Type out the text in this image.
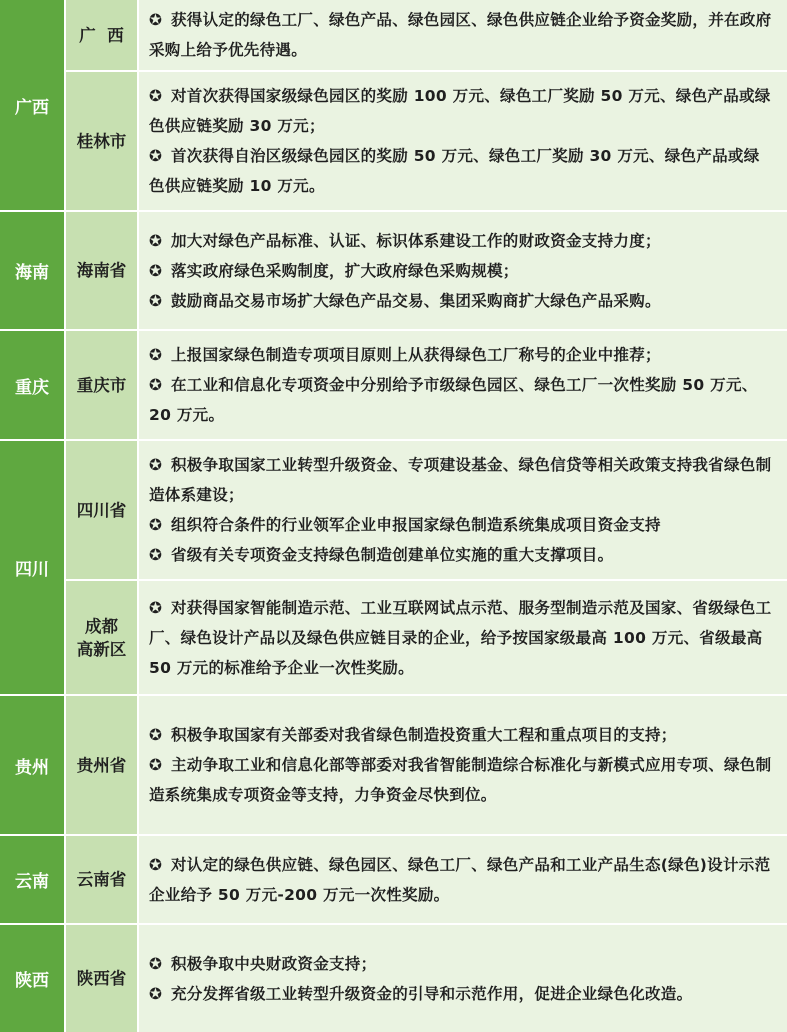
广西
广  西
✪ 获得认定的绿色工厂、绿色产品、绿色园区、绿色供应链企业给予资金奖励，并在政府采购上给予优先待遇。
桂林市
✪ 对首次获得国家级绿色园区的奖励 100 万元、绿色工厂奖励 50 万元、绿色产品或绿色供应链奖励 30 万元；
✪ 首次获得自治区级绿色园区的奖励 50 万元、绿色工厂奖励 30 万元、绿色产品或绿色供应链奖励 10 万元。
海南 海南省
✪ 加大对绿色产品标准、认证、标识体系建设工作的财政资金支持力度；
✪ 落实政府绿色采购制度，扩大政府绿色采购规模；
✪ 鼓励商品交易市场扩大绿色产品交易、集团采购商扩大绿色产品采购。
重庆 重庆市
✪ 上报国家绿色制造专项项目原则上从获得绿色工厂称号的企业中推荐；
✪ 在工业和信息化专项资金中分别给予市级绿色园区、绿色工厂一次性奖励 50 万元、20 万元。
四川
四川省
✪ 积极争取国家工业转型升级资金、专项建设基金、绿色信贷等相关政策支持我省绿色制造体系建设；
✪ 组织符合条件的行业领军企业申报国家绿色制造系统集成项目资金支持
✪ 省级有关专项资金支持绿色制造创建单位实施的重大支撑项目。
成都
高新区
✪ 对获得国家智能制造示范、工业互联网试点示范、服务型制造示范及国家、省级绿色工厂、绿色设计产品以及绿色供应链目录的企业，给予按国家级最高 100 万元、省级最高 50 万元的标准给予企业一次性奖励。
贵州 贵州省
✪ 积极争取国家有关部委对我省绿色制造投资重大工程和重点项目的支持；
✪ 主动争取工业和信息化部等部委对我省智能制造综合标准化与新模式应用专项、绿色制造系统集成专项资金等支持，力争资金尽快到位。
云南 云南省
✪ 对认定的绿色供应链、绿色园区、绿色工厂、绿色产品和工业产品生态(绿色)设计示范企业给予 50 万元-200 万元一次性奖励。
陕西 陕西省
✪ 积极争取中央财政资金支持；
✪ 充分发挥省级工业转型升级资金的引导和示范作用，促进企业绿色化改造。
